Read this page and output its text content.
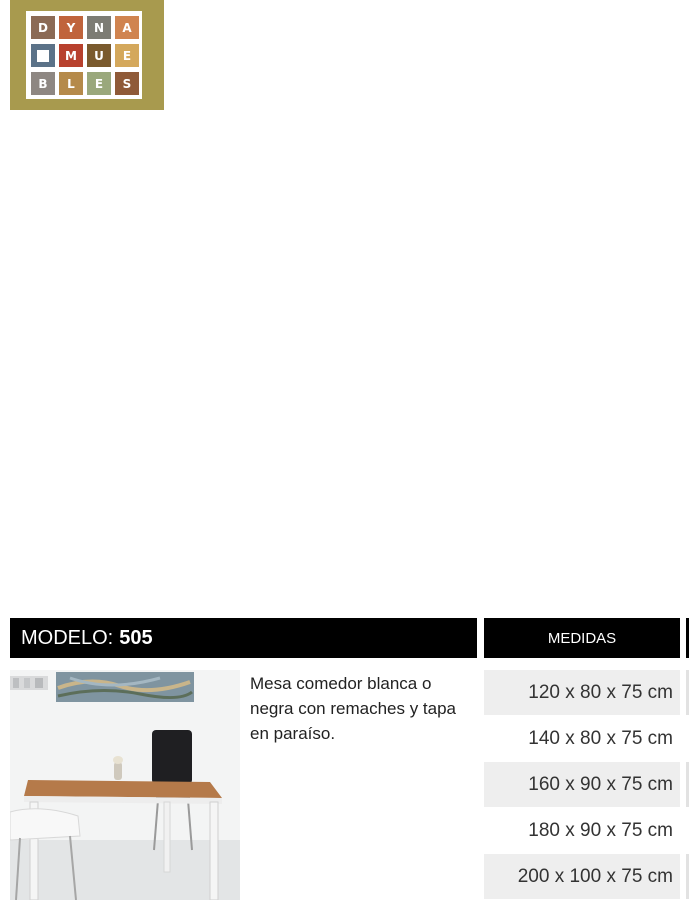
D	Y	N	A
M	U	E
B	L	E	S
MODELO: 505	MEDIDAS
Mesa comedor blanca o negra con remaches y tapa en paraíso.
120 x 80 x 75 cm
140 x 80 x 75 cm
160 x 90 x 75 cm
180 x 90 x 75 cm
200 x 100 x 75 cm
